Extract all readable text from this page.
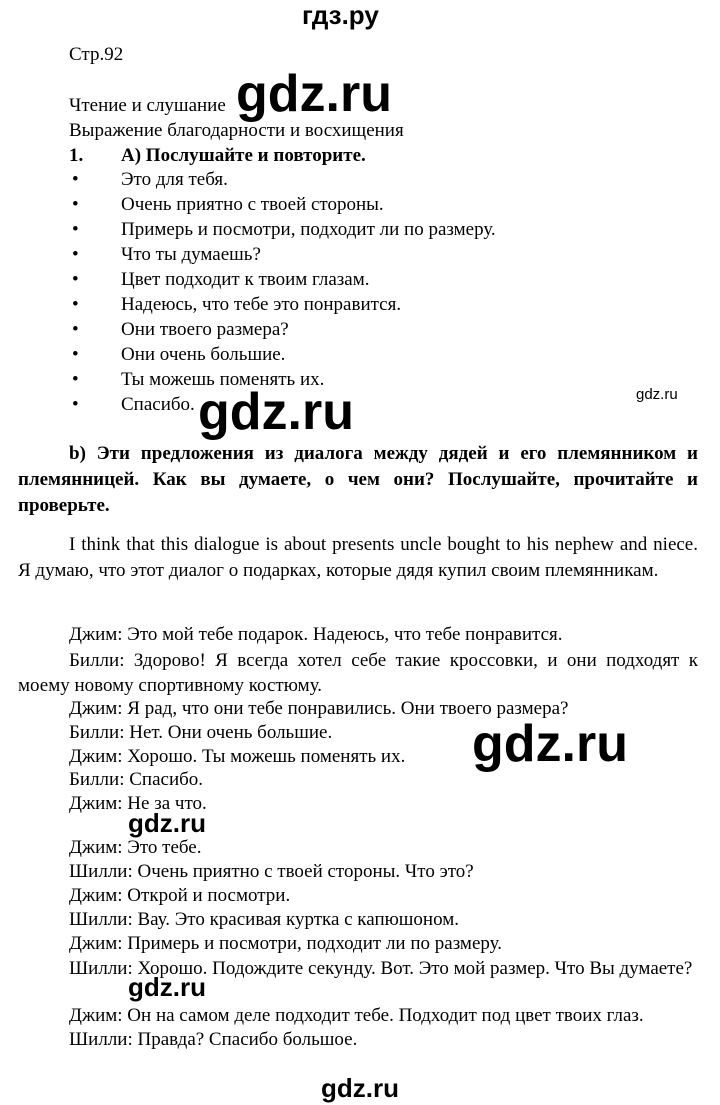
гдз.ру
Стр.92
Чтение и слушание
Выражение благодарности и восхищения
gdz.ru
1. A) Послушайте и повторите.
• Это для тебя.
• Очень приятно с твоей стороны.
• Примерь и посмотри, подходит ли по размеру.
• Что ты думаешь?
• Цвет подходит к твоим глазам.
• Надеюсь, что тебе это понравится.
• Они твоего размера?
• Они очень большие.
• Ты можешь поменять их.
• Спасибо. gdz.ru	gdz.ru
b) Эти предложения из диалога между дядей и его племянником и племянницей. Как вы думаете, о чем они? Послушайте, прочитайте и проверьте.
I think that this dialogue is about presents uncle bought to his nephew and niece. Я думаю, что этот диалог о подарках, которые дядя купил своим племянникам.
Джим: Это мой тебе подарок. Надеюсь, что тебе понравится.
Билли: Здорово! Я всегда хотел себе такие кроссовки, и они подходят к моему новому спортивному костюму.
Джим: Я рад, что они тебе понравились. Они твоего размера?
Билли: Нет. Они очень большие.
Джим: Хорошо. Ты можешь поменять их.
Билли: Спасибо.
Джим: Не за что.
gdz.ru
gdz.ru
Джим: Это тебе.
Шилли: Очень приятно с твоей стороны. Что это?
Джим: Открой и посмотри.
Шилли: Вау. Это красивая куртка с капюшоном.
Джим: Примерь и посмотри, подходит ли по размеру.
Шилли: Хорошо. Подождите секунду. Вот. Это мой размер. Что Вы думаете?
Джим: Он на самом деле подходит тебе. Подходит под цвет твоих глаз.
Шилли: Правда? Спасибо большое.
gdz.ru
gdz.ru
